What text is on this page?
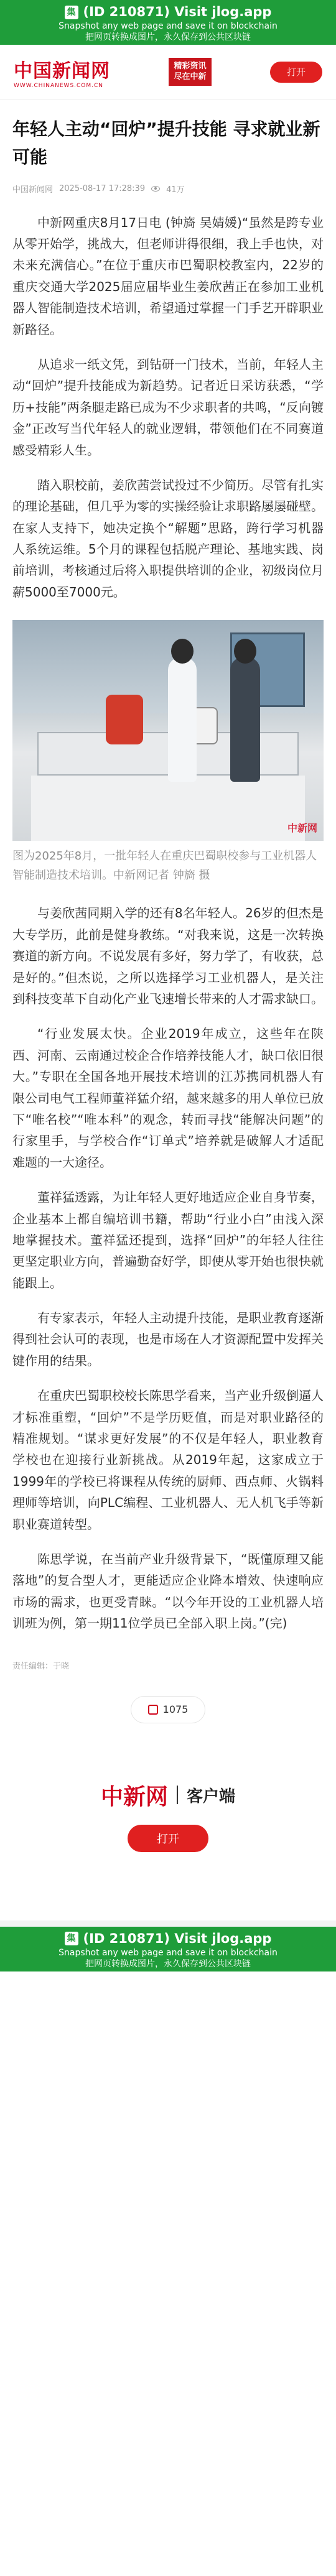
集 (ID 210871) Visit jlog.app
Snapshot any web page and save it on blockchain
把网页转换成图片，永久保存到公共区块链
中国新闻网
WWW.CHINANEWS.COM.CN
精彩资讯
尽在中新	打开
年轻人主动“回炉”提升技能 寻求就业新可能
中国新闻网 2025-08-17 17:28:39	41万

中新网重庆8月17日电 (钟旖 吴婧媛)“虽然是跨专业从零开始学，挑战大，但老师讲得很细，我上手也快，对未来充满信心。”在位于重庆市巴蜀职校教室内，22岁的重庆交通大学2025届应届毕业生姜欣茜正在参加工业机器人智能制造技术培训，希望通过掌握一门手艺开辟职业新路径。

从追求一纸文凭，到钻研一门技术，当前，年轻人主动“回炉”提升技能成为新趋势。记者近日采访获悉，“学历+技能”两条腿走路已成为不少求职者的共鸣，“反向镀金”正改写当代年轻人的就业逻辑，带领他们在不同赛道感受精彩人生。

踏入职校前，姜欣茜尝试投过不少简历。尽管有扎实的理论基础，但几乎为零的实操经验让求职路屡屡碰壁。在家人支持下，她决定换个“解题”思路，跨行学习机器人系统运维。5个月的课程包括脱产理论、基地实践、岗前培训，考核通过后将入职提供培训的企业，初级岗位月薪5000至7000元。

中新网

图为2025年8月，一批年轻人在重庆巴蜀职校参与工业机器人智能制造技术培训。中新网记者 钟旖 摄

与姜欣茜同期入学的还有8名年轻人。26岁的但杰是大专学历，此前是健身教练。“对我来说，这是一次转换赛道的新方向。不说发展有多好，努力学了，有收获，总是好的。”但杰说，之所以选择学习工业机器人，是关注到科技变革下自动化产业飞速增长带来的人才需求缺口。

“行业发展太快。企业2019年成立，这些年在陕西、河南、云南通过校企合作培养技能人才，缺口依旧很大。”专职在全国各地开展技术培训的江苏携同机器人有限公司电气工程师董祥猛介绍，越来越多的用人单位已放下“唯名校”“唯本科”的观念，转而寻找“能解决问题”的行家里手，与学校合作“订单式”培养就是破解人才适配难题的一大途径。

董祥猛透露，为让年轻人更好地适应企业自身节奏，企业基本上都自编培训书籍，帮助“行业小白”由浅入深地掌握技术。董祥猛还提到，选择“回炉”的年轻人往往更坚定职业方向，普遍勤奋好学，即使从零开始也很快就能跟上。

有专家表示，年轻人主动提升技能，是职业教育逐渐得到社会认可的表现，也是市场在人才资源配置中发挥关键作用的结果。

在重庆巴蜀职校校长陈思学看来，当产业升级倒逼人才标准重塑，“回炉”不是学历贬值，而是对职业路径的精准规划。“谋求更好发展”的不仅是年轻人，职业教育学校也在迎接行业新挑战。从2019年起，这家成立于1999年的学校已将课程从传统的厨师、西点师、火锅料理师等培训，向PLC编程、工业机器人、无人机飞手等新职业赛道转型。

陈思学说，在当前产业升级背景下，“既懂原理又能落地”的复合型人才，更能适应企业降本增效、快速响应市场的需求，也更受青睐。“以今年开设的工业机器人培训班为例，第一期11位学员已全部入职上岗。”(完)

责任编辑：于晓
1075
中新网 客户端
打开
集 (ID 210871) Visit jlog.app
Snapshot any web page and save it on blockchain
把网页转换成图片，永久保存到公共区块链
